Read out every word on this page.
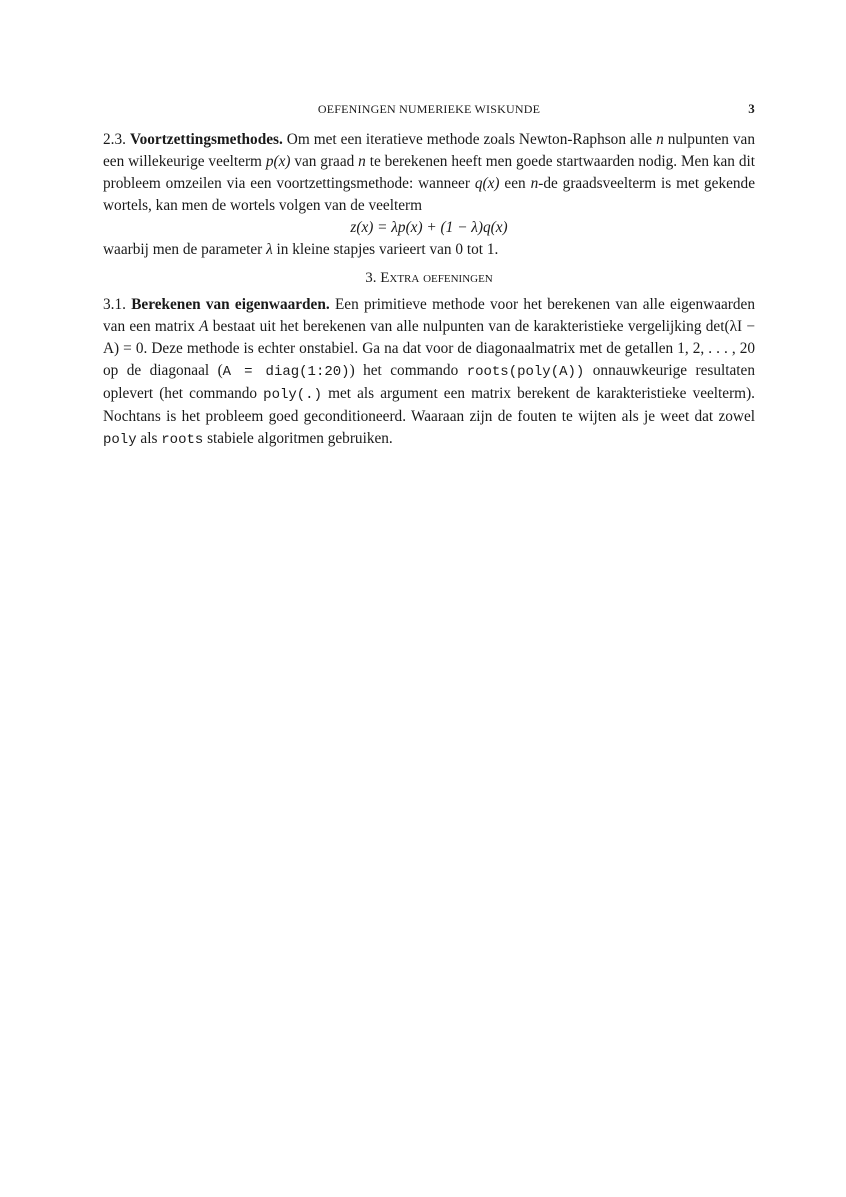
OEFENINGEN NUMERIEKE WISKUNDE	3

2.3. Voortzettingsmethodes. Om met een iteratieve methode zoals Newton-Raphson alle n nulpunten van een willekeurige veelterm p(x) van graad n te berekenen heeft men goede startwaarden nodig. Men kan dit probleem omzeilen via een voortzettingsmethode: wanneer q(x) een n-de graadsveelterm is met gekende wortels, kan men de wortels volgen van de veelterm

z(x) = λp(x) + (1 − λ)q(x)

waarbij men de parameter λ in kleine stapjes varieert van 0 tot 1.

3. Extra oefeningen

3.1. Berekenen van eigenwaarden. Een primitieve methode voor het berekenen van alle eigenwaarden van een matrix A bestaat uit het berekenen van alle nulpunten van de karakteristieke vergelijking det(λI − A) = 0. Deze methode is echter onstabiel. Ga na dat voor de diagonaalmatrix met de getallen 1, 2, . . . , 20 op de diagonaal (A = diag(1:20)) het commando roots(poly(A)) onnauwkeurige resultaten oplevert (het commando poly(.) met als argument een matrix berekent de karakteristieke veelterm). Nochtans is het probleem goed geconditioneerd. Waaraan zijn de fouten te wijten als je weet dat zowel poly als roots stabiele algoritmen gebruiken.
